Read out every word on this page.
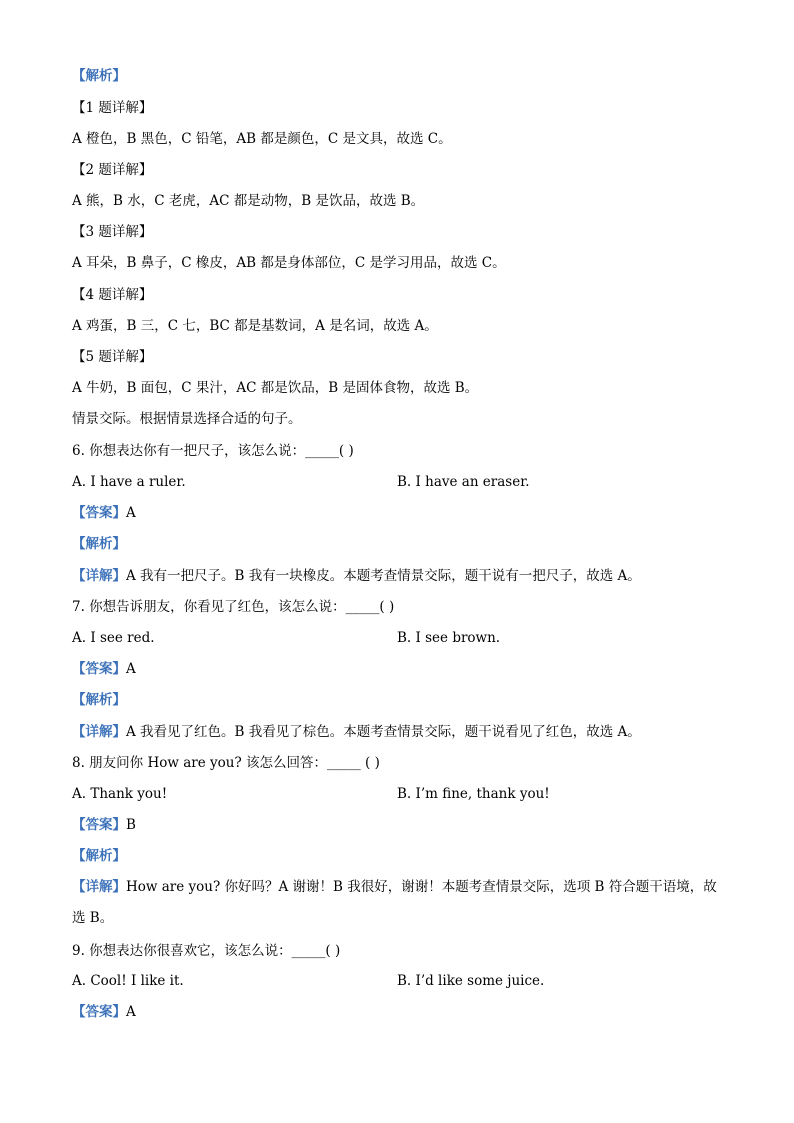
【解析】
【1 题详解】
A 橙色，B 黑色，C 铅笔，AB 都是颜色，C 是文具，故选 C。
【2 题详解】
A 熊，B 水，C 老虎，AC 都是动物，B 是饮品，故选 B。
【3 题详解】
A 耳朵，B 鼻子，C 橡皮，AB 都是身体部位，C 是学习用品，故选 C。
【4 题详解】
A 鸡蛋，B 三，C 七，BC 都是基数词，A 是名词，故选 A。
【5 题详解】
A 牛奶，B 面包，C 果汁，AC 都是饮品，B 是固体食物，故选 B。
情景交际。根据情景选择合适的句子。
6. 你想表达你有一把尺子，该怎么说：_____( )
A. I have a ruler.	B. I have an eraser.
【答案】A
【解析】
【详解】A 我有一把尺子。B 我有一块橡皮。本题考查情景交际，题干说有一把尺子，故选 A。
7. 你想告诉朋友，你看见了红色，该怎么说：_____( )
A. I see red.	B. I see brown.
【答案】A
【解析】
【详解】A 我看见了红色。B 我看见了棕色。本题考查情景交际，题干说看见了红色，故选 A。
8. 朋友问你 How are you? 该怎么回答：_____ ( )
A. Thank you!	B. I’m fine, thank you!
【答案】B
【解析】
【详解】How are you? 你好吗？A 谢谢！B 我很好，谢谢！本题考查情景交际，选项 B 符合题干语境，故选 B。
9. 你想表达你很喜欢它，该怎么说：_____( )
A. Cool! I like it.	B. I’d like some juice.
【答案】A
